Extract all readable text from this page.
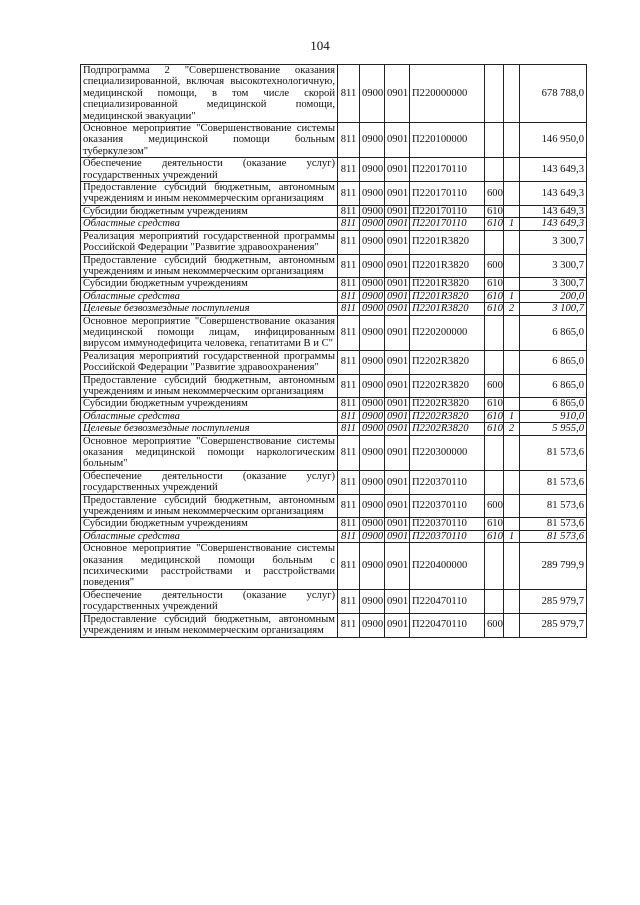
104
Подпрограмма 2 "Совершенствование оказания специализированной, включая высокотехнологичную, медицинской помощи, в том числе скорой специализированной медицинской помощи, медицинской эвакуации"	811	0900	0901	П220000000			678 788,0
Основное мероприятие "Совершенствование системы оказания медицинской помощи больным туберкулезом"	811	0900	0901	П220100000			146 950,0
Обеспечение деятельности (оказание услуг) государственных учреждений	811	0900	0901	П220170110			143 649,3
Предоставление субсидий бюджетным, автономным учреждениям и иным некоммерческим организациям	811	0900	0901	П220170110	600		143 649,3
Субсидии бюджетным учреждениям	811	0900	0901	П220170110	610		143 649,3
Областные средства	811	0900	0901	П220170110	610	1	143 649,3
Реализация мероприятий государственной программы Российской Федерации "Развитие здравоохранения"	811	0900	0901	П2201R3820			3 300,7
Предоставление субсидий бюджетным, автономным учреждениям и иным некоммерческим организациям	811	0900	0901	П2201R3820	600		3 300,7
Субсидии бюджетным учреждениям	811	0900	0901	П2201R3820	610		3 300,7
Областные средства	811	0900	0901	П2201R3820	610	1	200,0
Целевые безвозмездные поступления	811	0900	0901	П2201R3820	610	2	3 100,7
Основное мероприятие "Совершенствование оказания медицинской помощи лицам, инфицированным вирусом иммунодефицита человека, гепатитами В и С"	811	0900	0901	П220200000			6 865,0
Реализация мероприятий государственной программы Российской Федерации "Развитие здравоохранения"	811	0900	0901	П2202R3820			6 865,0
Предоставление субсидий бюджетным, автономным учреждениям и иным некоммерческим организациям	811	0900	0901	П2202R3820	600		6 865,0
Субсидии бюджетным учреждениям	811	0900	0901	П2202R3820	610		6 865,0
Областные средства	811	0900	0901	П2202R3820	610	1	910,0
Целевые безвозмездные поступления	811	0900	0901	П2202R3820	610	2	5 955,0
Основное мероприятие "Совершенствование системы оказания медицинской помощи наркологическим больным"	811	0900	0901	П220300000			81 573,6
Обеспечение деятельности (оказание услуг) государственных учреждений	811	0900	0901	П220370110			81 573,6
Предоставление субсидий бюджетным, автономным учреждениям и иным некоммерческим организациям	811	0900	0901	П220370110	600		81 573,6
Субсидии бюджетным учреждениям	811	0900	0901	П220370110	610		81 573,6
Областные средства	811	0900	0901	П220370110	610	1	81 573,6
Основное мероприятие "Совершенствование системы оказания медицинской помощи больным с психическими расстройствами и расстройствами поведения"	811	0900	0901	П220400000			289 799,9
Обеспечение деятельности (оказание услуг) государственных учреждений	811	0900	0901	П220470110			285 979,7
Предоставление субсидий бюджетным, автономным учреждениям и иным некоммерческим организациям	811	0900	0901	П220470110	600		285 979,7
